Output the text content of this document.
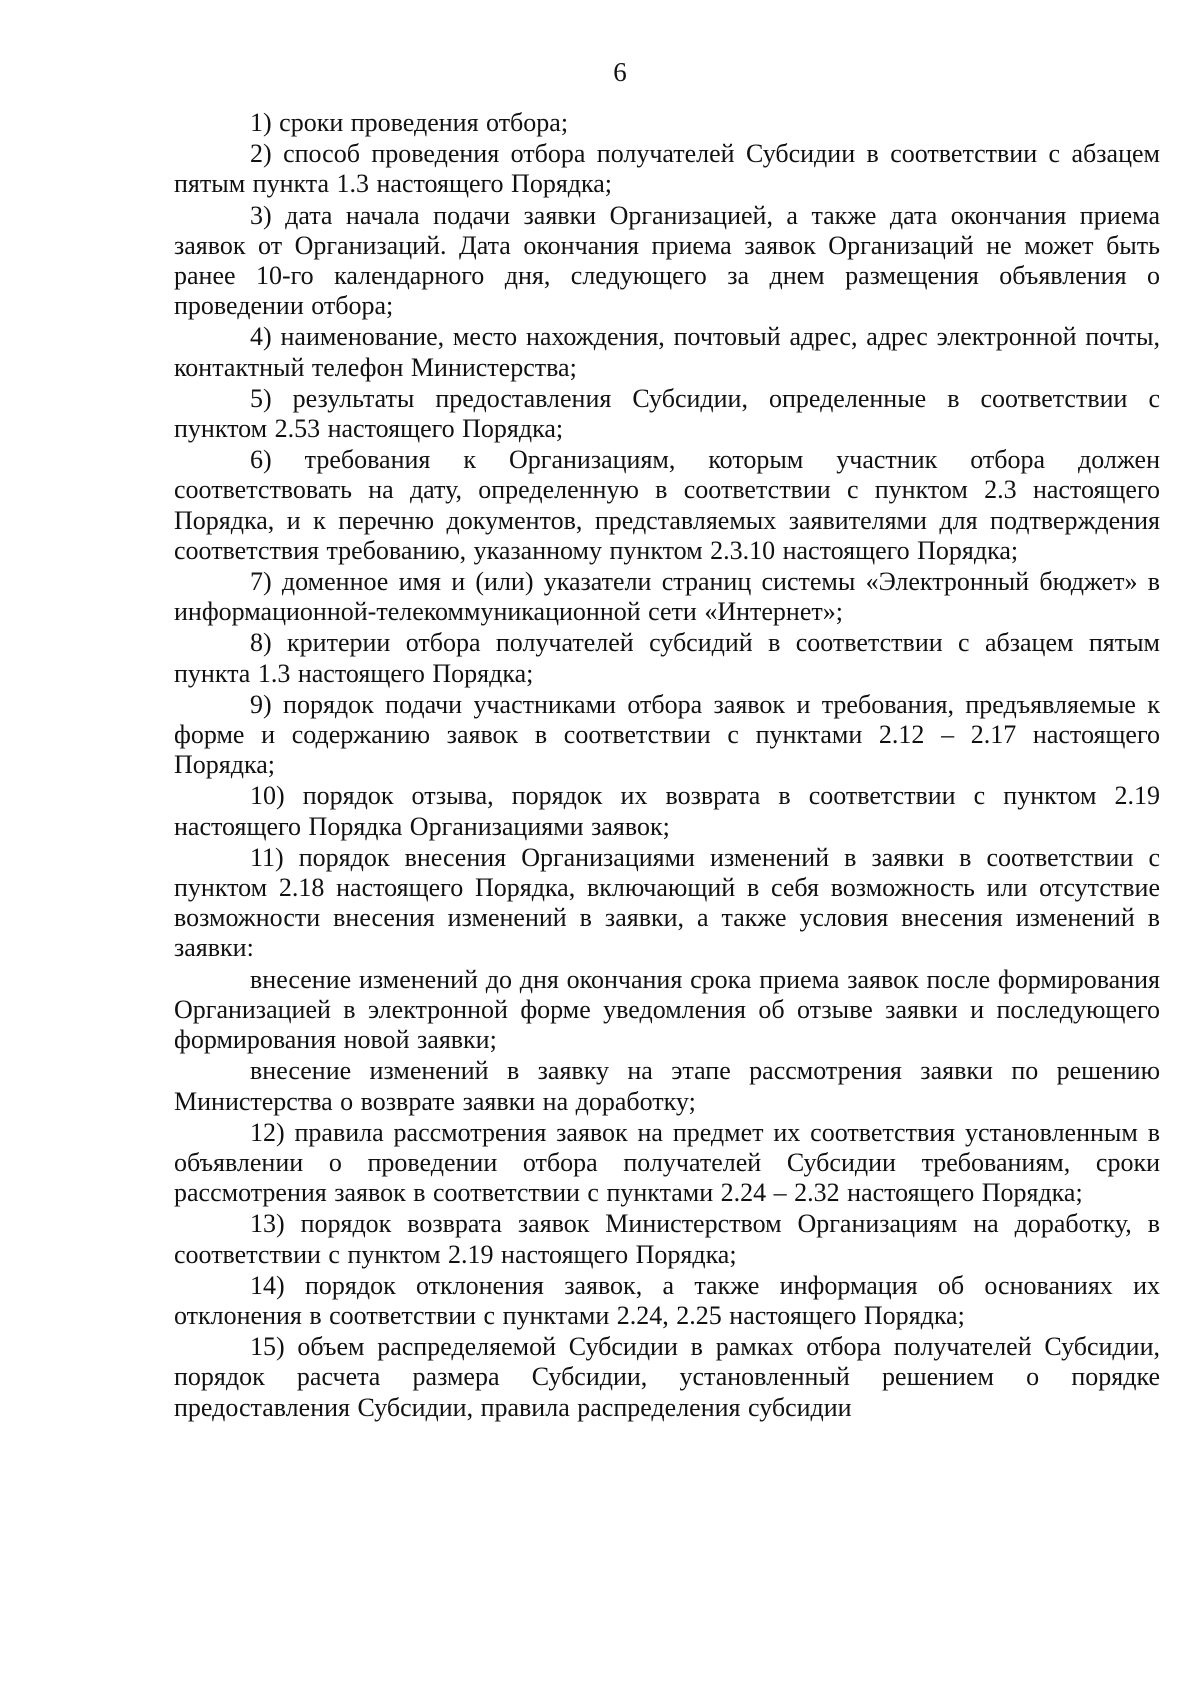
6

1) сроки проведения отбора;

2) способ проведения отбора получателей Субсидии в соответствии с абзацем пятым пункта 1.3 настоящего Порядка;

3) дата начала подачи заявки Организацией, а также дата окончания приема заявок от Организаций. Дата окончания приема заявок Организаций не может быть ранее 10-го календарного дня, следующего за днем размещения объявления о проведении отбора;

4) наименование, место нахождения, почтовый адрес, адрес электронной почты, контактный телефон Министерства;

5) результаты предоставления Субсидии, определенные в соответствии с пунктом 2.53 настоящего Порядка;

6) требования к Организациям, которым участник отбора должен соответствовать на дату, определенную в соответствии с пунктом 2.3 настоящего Порядка, и к перечню документов, представляемых заявителями для подтверждения соответствия требованию, указанному пунктом 2.3.10 настоящего Порядка;

7) доменное имя и (или) указатели страниц системы «Электронный бюджет» в информационной-телекоммуникационной сети «Интернет»;

8) критерии отбора получателей субсидий в соответствии с абзацем пятым пункта 1.3 настоящего Порядка;

9) порядок подачи участниками отбора заявок и требования, предъявляемые к форме и содержанию заявок в соответствии с пунктами 2.12 – 2.17 настоящего Порядка;

10) порядок отзыва, порядок их возврата в соответствии с пунктом 2.19 настоящего Порядка Организациями заявок;

11) порядок внесения Организациями изменений в заявки в соответствии с пунктом 2.18 настоящего Порядка, включающий в себя возможность или отсутствие возможности внесения изменений в заявки, а также условия внесения изменений в заявки:

внесение изменений до дня окончания срока приема заявок после формирования Организацией в электронной форме уведомления об отзыве заявки и последующего формирования новой заявки;

внесение изменений в заявку на этапе рассмотрения заявки по решению Министерства о возврате заявки на доработку;

12) правила рассмотрения заявок на предмет их соответствия установленным в объявлении о проведении отбора получателей Субсидии требованиям, сроки рассмотрения заявок в соответствии с пунктами 2.24 – 2.32 настоящего Порядка;

13) порядок возврата заявок Министерством Организациям на доработку, в соответствии с пунктом 2.19 настоящего Порядка;

14) порядок отклонения заявок, а также информация об основаниях их отклонения в соответствии с пунктами 2.24, 2.25 настоящего Порядка;

15) объем распределяемой Субсидии в рамках отбора получателей Субсидии, порядок расчета размера Субсидии, установленный решением о порядке предоставления Субсидии, правила распределения субсидии
